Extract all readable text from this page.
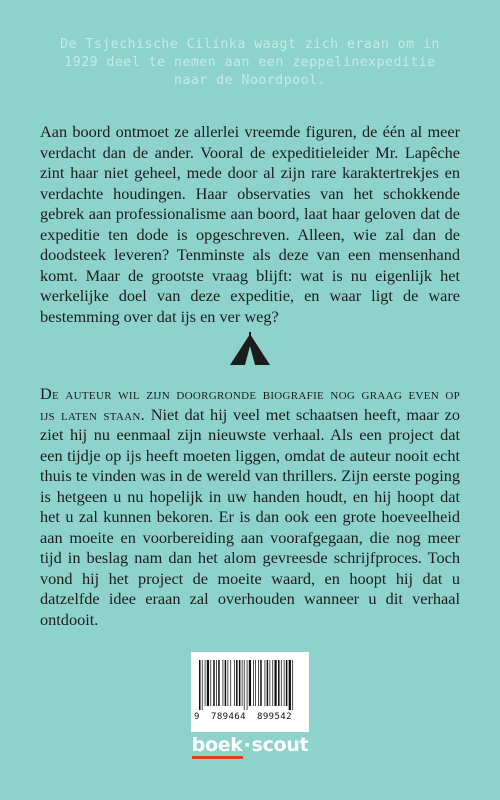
De Tsjechische Cilinka waagt zich eraan om in
1929 deel te nemen aan een zeppelinexpeditie
naar de Noordpool.

Aan boord ontmoet ze allerlei vreemde figuren, de één al meer verdacht dan de ander. Vooral de expeditieleider Mr. Lapêche zint haar niet geheel, mede door al zijn rare karaktertrekjes en verdachte houdingen. Haar observaties van het schokkende gebrek aan professionalisme aan boord, laat haar geloven dat de expeditie ten dode is opgeschreven. Alleen, wie zal dan de doodsteek leveren? Tenminste als deze van een mensenhand komt. Maar de grootste vraag blijft: wat is nu eigenlijk het werkelijke doel van deze expeditie, en waar ligt de ware bestemming over dat ijs en ver weg?

De auteur wil zijn doorgronde biografie nog graag even op ijs laten staan. Niet dat hij veel met schaatsen heeft, maar zo ziet hij nu eenmaal zijn nieuwste verhaal. Als een project dat een tijdje op ijs heeft moeten liggen, omdat de auteur nooit echt thuis te vinden was in de wereld van thrillers. Zijn eerste poging is hetgeen u nu hopelijk in uw handen houdt, en hij hoopt dat het u zal kunnen bekoren. Er is dan ook een grote hoeveelheid aan moeite en voorbereiding aan voorafgegaan, die nog meer tijd in beslag nam dan het alom gevreesde schrijfproces. Toch vond hij het project de moeite waard, en hoopt hij dat u datzelfde idee eraan zal overhouden wanneer u dit verhaal ontdooit.

9 789464 899542
boek·scout
